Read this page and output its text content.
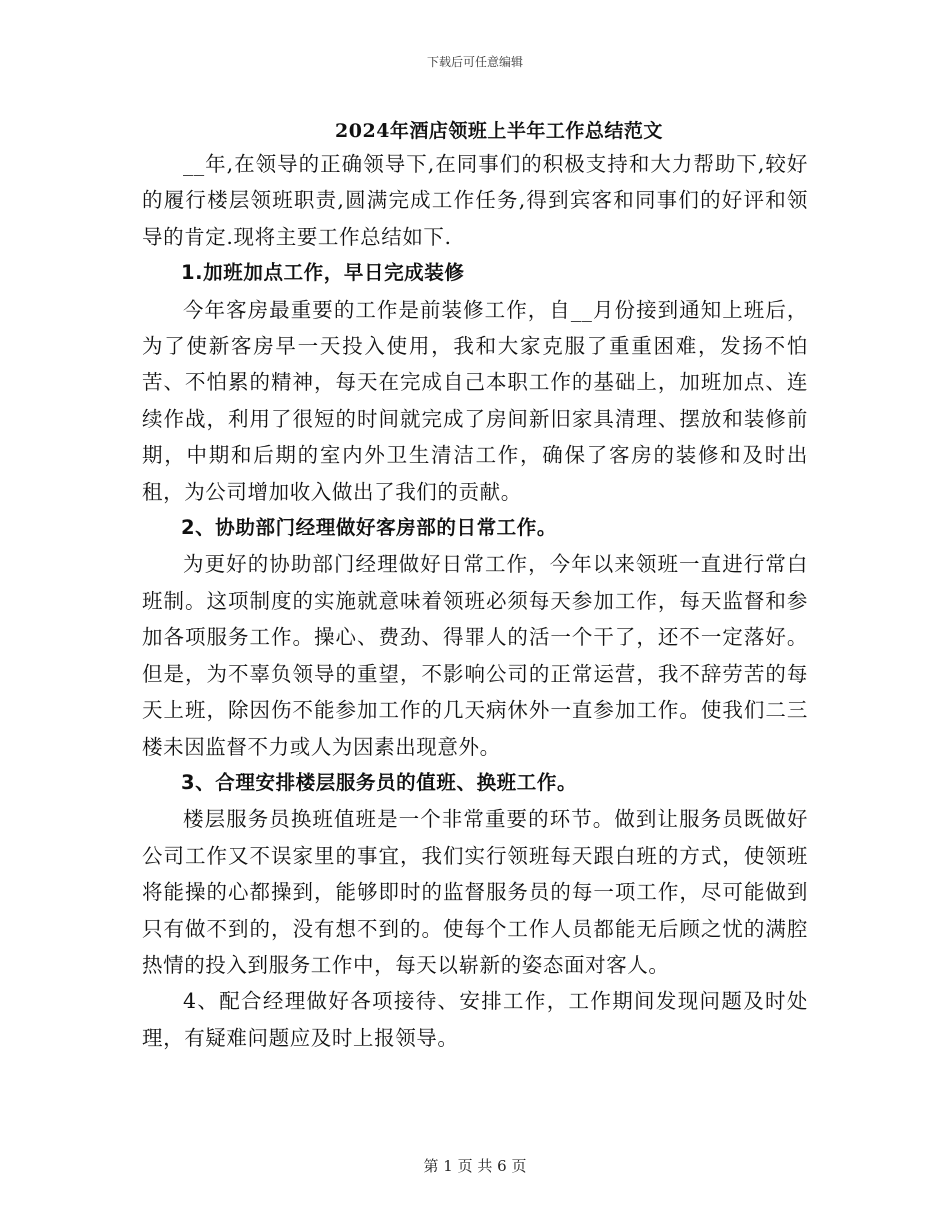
下载后可任意编辑
2024年酒店领班上半年工作总结范文

__年,在领导的正确领导下,在同事们的积极支持和大力帮助下,较好的履行楼层领班职责,圆满完成工作任务,得到宾客和同事们的好评和领导的肯定.现将主要工作总结如下.

1.加班加点工作，早日完成装修

今年客房最重要的工作是前装修工作，自__月份接到通知上班后，为了使新客房早一天投入使用，我和大家克服了重重困难，发扬不怕苦、不怕累的精神，每天在完成自己本职工作的基础上，加班加点、连续作战，利用了很短的时间就完成了房间新旧家具清理、摆放和装修前期，中期和后期的室内外卫生清洁工作，确保了客房的装修和及时出租，为公司增加收入做出了我们的贡献。

2、协助部门经理做好客房部的日常工作。

为更好的协助部门经理做好日常工作，今年以来领班一直进行常白班制。这项制度的实施就意味着领班必须每天参加工作，每天监督和参加各项服务工作。操心、费劲、得罪人的活一个干了，还不一定落好。但是，为不辜负领导的重望，不影响公司的正常运营，我不辞劳苦的每天上班，除因伤不能参加工作的几天病休外一直参加工作。使我们二三楼未因监督不力或人为因素出现意外。

3、合理安排楼层服务员的值班、换班工作。

楼层服务员换班值班是一个非常重要的环节。做到让服务员既做好公司工作又不误家里的事宜，我们实行领班每天跟白班的方式，使领班将能操的心都操到，能够即时的监督服务员的每一项工作，尽可能做到只有做不到的，没有想不到的。使每个工作人员都能无后顾之忧的满腔热情的投入到服务工作中，每天以崭新的姿态面对客人。

4、配合经理做好各项接待、安排工作，工作期间发现问题及时处理，有疑难问题应及时上报领导。

第 1 页 共 6 页
